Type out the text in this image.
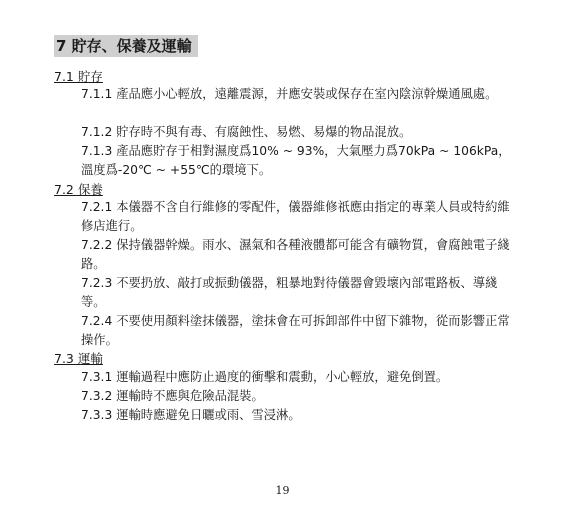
7 貯存、保養及運輸
7.1 貯存
7.1.1 產品應小心輕放，遠離震源，并應安裝或保存在室內陰涼幹燥通風處。
7.1.2 貯存時不與有毒、有腐蝕性、易燃、易爆的物品混放。
7.1.3 產品應貯存于相對濕度爲10% ~ 93%，大氣壓力爲70kPa ~ 106kPa，溫度爲-20℃ ~ +55℃的環境下。
7.2 保養
7.2.1 本儀器不含自行維修的零配件，儀器維修祇應由指定的專業人員或特約維修店進行。
7.2.2 保持儀器幹燥。雨水、濕氣和各種液體都可能含有礦物質，會腐蝕電子綫路。
7.2.3 不要扔放、敲打或振動儀器，粗暴地對待儀器會毀壞內部電路板、導綫等。
7.2.4 不要使用顏料塗抹儀器，塗抹會在可拆卸部件中留下雜物，從而影響正常操作。
7.3 運輸
7.3.1 運輸過程中應防止過度的衝擊和震動，小心輕放，避免倒置。
7.3.2 運輸時不應與危險品混裝。
7.3.3 運輸時應避免日曬或雨、雪浸淋。
19
